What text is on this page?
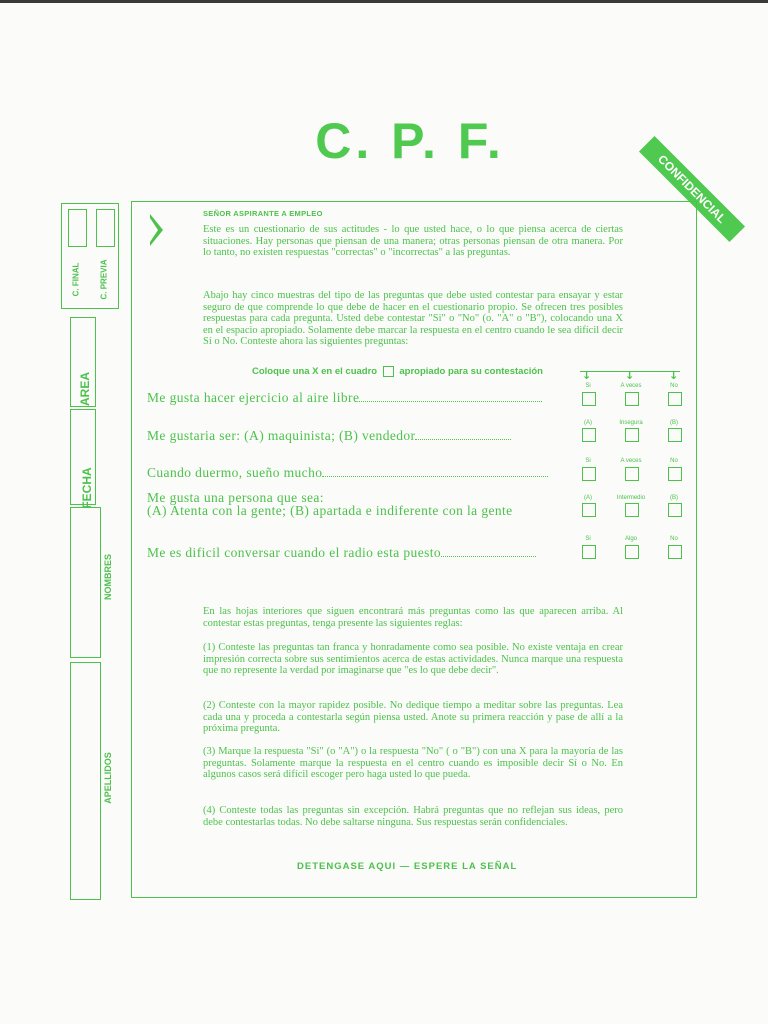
C. P. F.
CONFIDENCIAL
C. FINAL C. PREVIA
AREA
FECHA
NOMBRES
APELLIDOS
SEÑOR ASPIRANTE A EMPLEO
Este es un cuestionario de sus actitudes - lo que usted hace, o lo que piensa acerca de ciertas situaciones. Hay personas que piensan de una manera; otras personas piensan de otra manera. Por lo tanto, no existen respuestas "correctas" o "incorrectas" a las preguntas.
Abajo hay cinco muestras del tipo de las preguntas que debe usted contestar para ensayar y estar seguro de que comprende lo que debe de hacer en el cuestionario propio. Se ofrecen tres posibles respuestas para cada pregunta. Usted debe contestar "Si" o "No" (o. "A" o "B"), colocando una X en el espacio apropiado. Solamente debe marcar la respuesta en el centro cuando le sea difícil decir Sí o No. Conteste ahora las siguientes preguntas:
Coloque una X en el cuadro apropiado para su contestación	↓	↓	↓
Me gusta hacer ejercicio al aire libre
Si	A veces	No
Me gustaria ser: (A) maquinista; (B) vendedor
(A)	Insegura	(B)
Cuando duermo, sueño mucho
Si	A veces	No
Me gusta una persona que sea:
(A) Atenta con la gente; (B) apartada e indiferente con la gente
(A)	Intermedio	(B)
Me es dificil conversar cuando el radio esta puesto
Si	Algo	No
En las hojas interiores que siguen encontrará más preguntas como las que aparecen arriba. Al contestar estas preguntas, tenga presente las siguientes reglas:
(1) Conteste las preguntas tan franca y honradamente como sea posible. No existe ventaja en crear impresión correcta sobre sus sentimientos acerca de estas actividades. Nunca marque una respuesta que no represente la verdad por imaginarse que "es lo que debe decir".
(2) Conteste con la mayor rapidez posible. No dedique tiempo a meditar sobre las preguntas. Lea cada una y proceda a contestarla según piensa usted. Anote su primera reacción y pase de allí a la próxima pregunta.
(3) Marque la respuesta "Si" (o "A") o la respuesta "No" ( o "B") con una X para la mayoría de las preguntas. Solamente marque la respuesta en el centro cuando es imposible decir Sí o No. En algunos casos será difícil escoger pero haga usted lo que pueda.
(4) Conteste todas las preguntas sin excepción. Habrá preguntas que no reflejan sus ideas, pero debe contestarlas todas. No debe saltarse ninguna. Sus respuestas serán confidenciales.
DETENGASE AQUI — ESPERE LA SEÑAL
